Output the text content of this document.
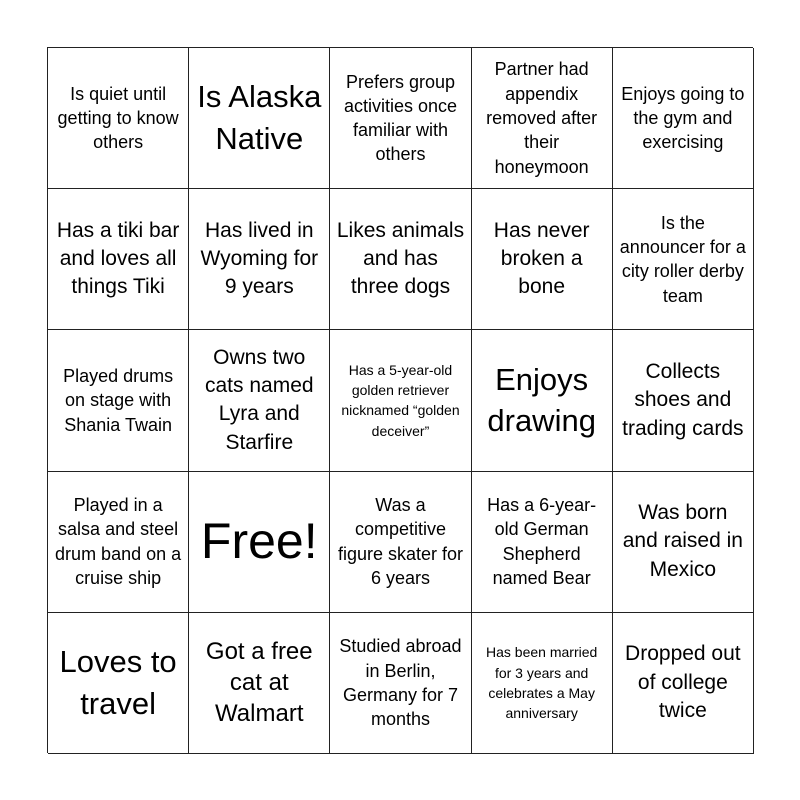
Is quiet until getting to know others
Is Alaska Native
Prefers group activities once familiar with others
Partner had appendix removed after their honeymoon
Enjoys going to the gym and exercising
Has a tiki bar and loves all things Tiki
Has lived in Wyoming for 9 years
Likes animals and has three dogs
Has never broken a bone
Is the announcer for a city roller derby team
Played drums on stage with Shania Twain
Owns two cats named Lyra and Starfire
Has a 5-year-old golden retriever nicknamed “golden deceiver”
Enjoys drawing
Collects shoes and trading cards
Played in a salsa and steel drum band on a cruise ship
Free!
Was a competitive figure skater for 6 years
Has a 6-year-old German Shepherd named Bear
Was born and raised in Mexico
Loves to travel
Got a free cat at Walmart
Studied abroad in Berlin, Germany for 7 months
Has been married for 3 years and celebrates a May anniversary
Dropped out of college twice
